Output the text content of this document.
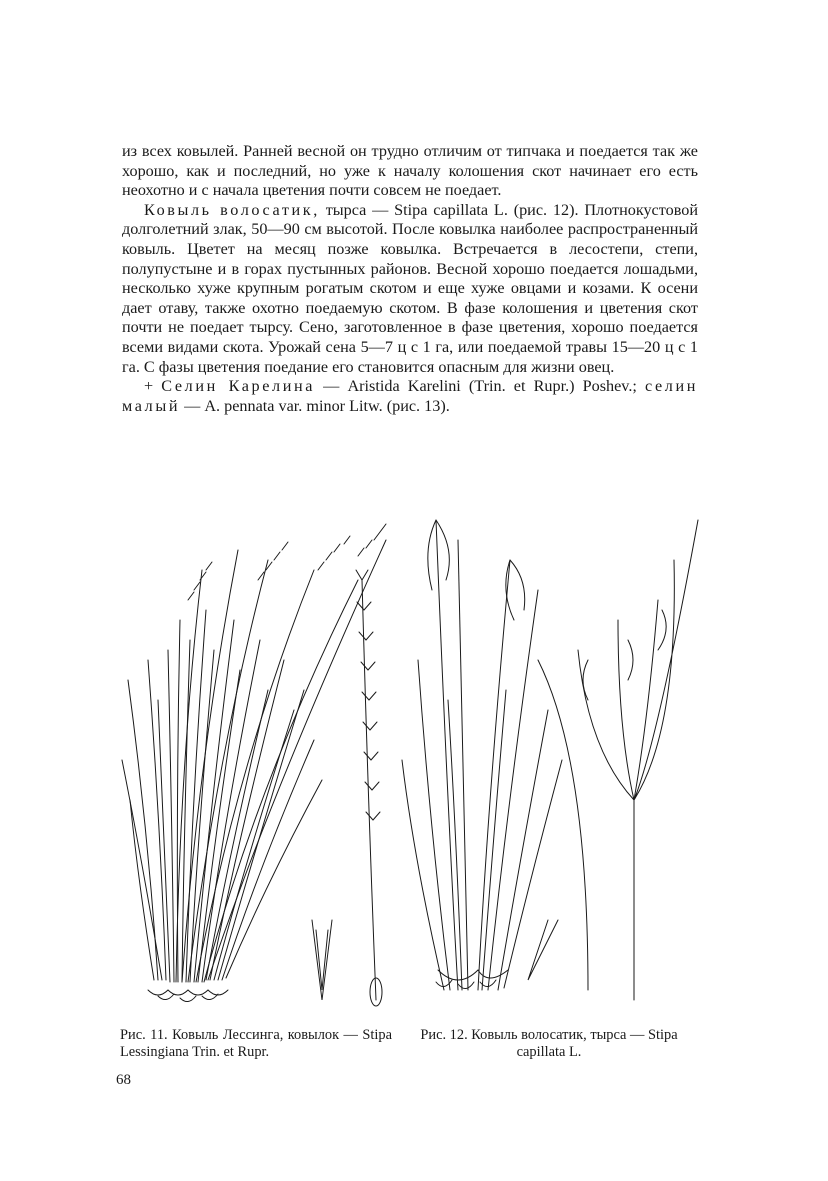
из всех ковылей. Ранней весной он трудно отличим от типчака и поедается так же хорошо, как и последний, но уже к началу колошения скот начинает его есть неохотно и с начала цветения почти совсем не поедает.

Ковыль волосатик, тырса — Stipa capillata L. (рис. 12). Плотнокустовой долголетний злак, 50—90 см высотой. После ковылка наиболее распространенный ковыль. Цветет на месяц позже ковылка. Встречается в лесостепи, степи, полупустыне и в горах пустынных районов. Весной хорошо поедается лошадьми, несколько хуже крупным рогатым скотом и еще хуже овцами и козами. К осени дает отаву, также охотно поедаемую скотом. В фазе колошения и цветения скот почти не поедает тырсу. Сено, заготовленное в фазе цветения, хорошо поедается всеми видами скота. Урожай сена 5—7 ц с 1 га, или поедаемой травы 15—20 ц с 1 га. С фазы цветения поедание его становится опасным для жизни овец.

+ Селин Карелина — Aristida Karelini (Trin. et Rupr.) Poshev.; селин малый — A. pennata var. minor Litw. (рис. 13).

Рис. 11. Ковыль Лессинга, ковылок — Stipa Lessingiana Trin. et Rupr.
Рис. 12. Ковыль волосатик, тырса — Stipa capillata L.
68
